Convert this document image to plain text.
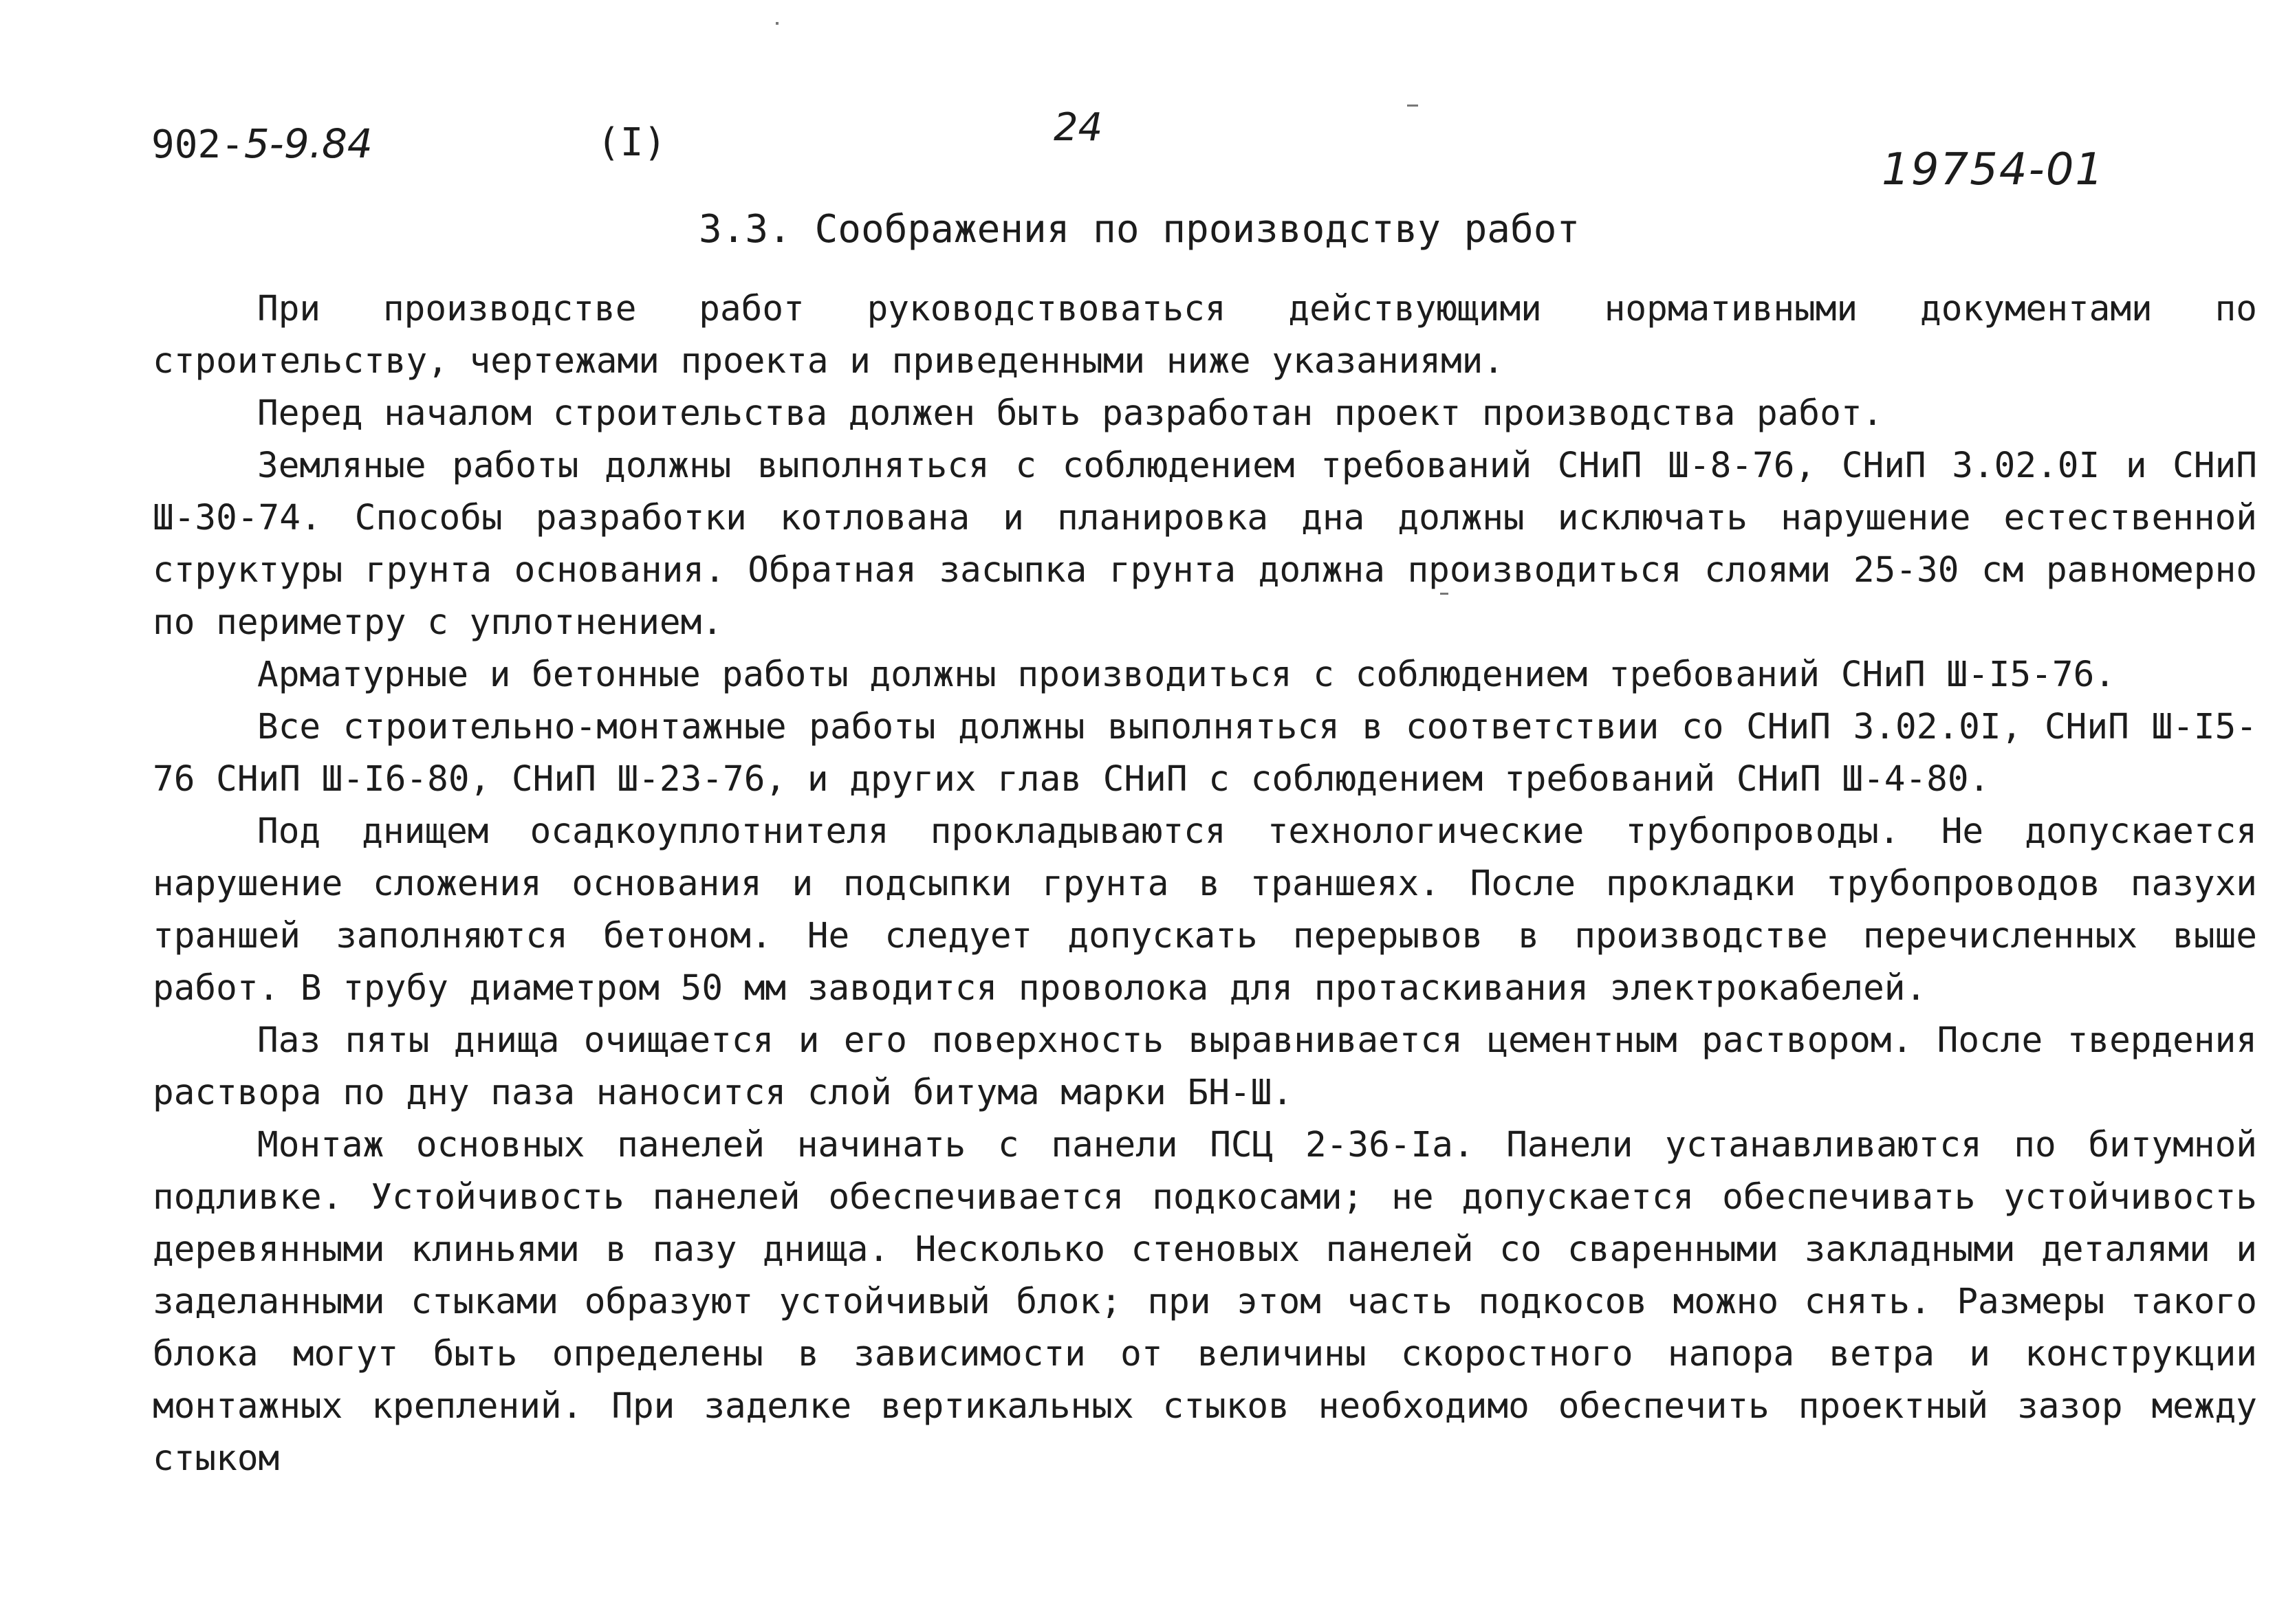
902-5-9.84	(I)	24
19754-01
3.3. Соображения по производству работ

При производстве работ руководствоваться действующими нормативными документами по строительству, чертежами проекта и приведенными ниже указаниями.

Перед началом строительства должен быть разработан проект производства работ.

Земляные работы должны выполняться с соблюдением требований СНиП Ш-8-76, СНиП 3.02.0I и СНиП Ш-30-74. Способы разработки котлована и планировка дна должны исключать нарушение естественной структуры грунта основания. Обратная засыпка грунта должна производиться слоями 25-30 см равномерно по периметру с уплотнением.

Арматурные и бетонные работы должны производиться с соблюдением требований СНиП Ш-I5-76.

Все строительно-монтажные работы должны выполняться в соответствии со СНиП 3.02.0I, СНиП Ш-I5-76 СНиП Ш-I6-80, СНиП Ш-23-76, и других глав СНиП с соблюдением требований СНиП Ш-4-80.

Под днищем осадкоуплотнителя прокладываются технологические трубопроводы. Не допускается нарушение сложения основания и подсыпки грунта в траншеях. После прокладки трубопроводов пазухи траншей заполняются бетоном. Не следует допускать перерывов в производстве перечисленных выше работ. В трубу диаметром 50 мм заводится проволока для протаскивания электрокабелей.

Паз пяты днища очищается и его поверхность выравнивается цементным раствором. После твердения раствора по дну паза наносится слой битума марки БН-Ш.

Монтаж основных панелей начинать с панели ПСЦ 2-36-Iа. Панели устанавливаются по битумной подливке. Устойчивость панелей обеспечивается подкосами; не допускается обеспечивать устойчивость деревянными клиньями в пазу днища. Несколько стеновых панелей со сваренными закладными деталями и заделанными стыками образуют устойчивый блок; при этом часть подкосов можно снять. Размеры такого блока могут быть определены в зависимости от величины скоростного напора ветра и конструкции монтажных креплений. При заделке вертикальных стыков необходимо обеспечить проектный зазор между стыком
